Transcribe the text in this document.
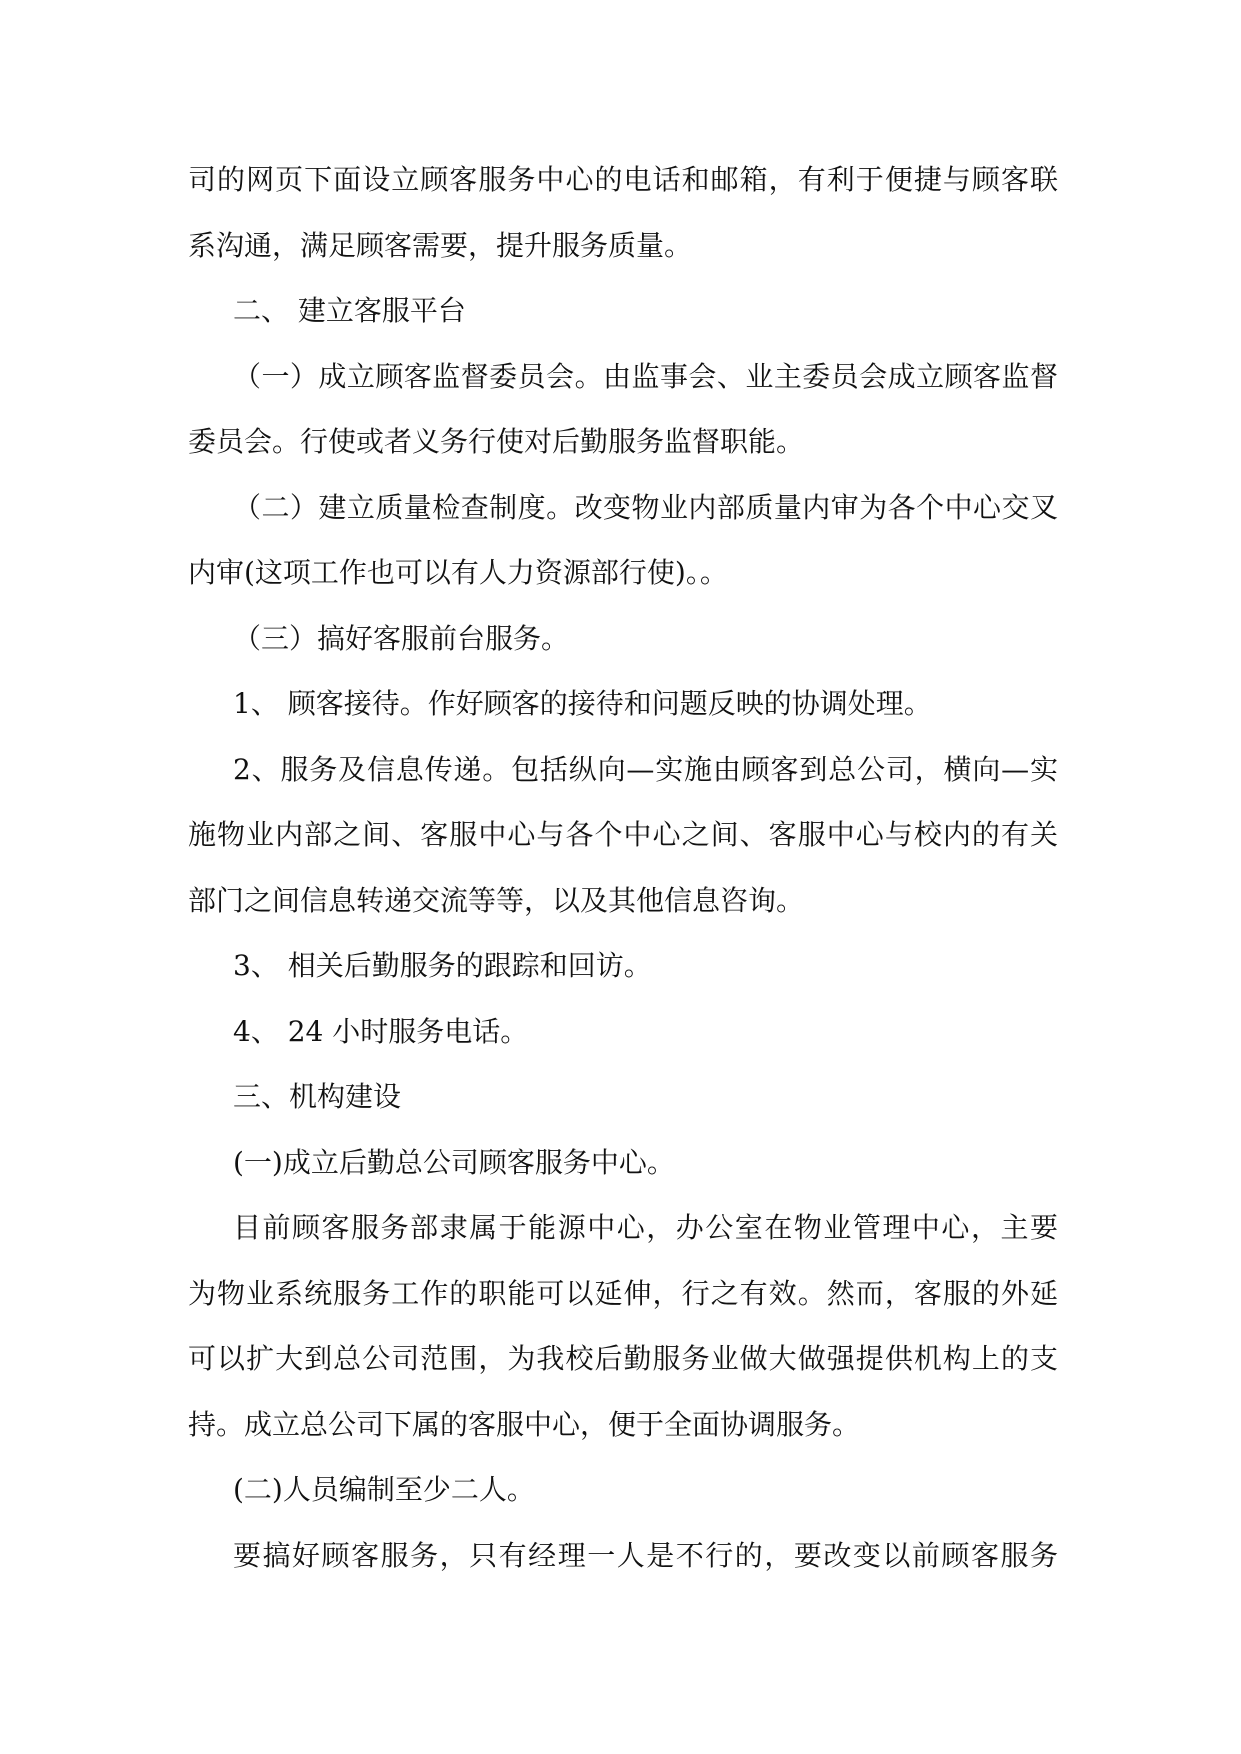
司的网页下面设立顾客服务中心的电话和邮箱，有利于便捷与顾客联
系沟通，满足顾客需要，提升服务质量。
二、 建立客服平台
（一）成立顾客监督委员会。由监事会、业主委员会成立顾客监督
委员会。行使或者义务行使对后勤服务监督职能。
（二）建立质量检查制度。改变物业内部质量内审为各个中心交叉
内审(这项工作也可以有人力资源部行使)。。
（三）搞好客服前台服务。
1、 顾客接待。作好顾客的接待和问题反映的协调处理。
2、服务及信息传递。包括纵向—实施由顾客到总公司，横向—实
施物业内部之间、客服中心与各个中心之间、客服中心与校内的有关
部门之间信息转递交流等等，以及其他信息咨询。
3、 相关后勤服务的跟踪和回访。
4、 24 小时服务电话。
三、机构建设
(一)成立后勤总公司顾客服务中心。
目前顾客服务部隶属于能源中心，办公室在物业管理中心，主要
为物业系统服务工作的职能可以延伸，行之有效。然而，客服的外延
可以扩大到总公司范围，为我校后勤服务业做大做强提供机构上的支
持。成立总公司下属的客服中心，便于全面协调服务。
(二)人员编制至少二人。
要搞好顾客服务，只有经理一人是不行的，要改变以前顾客服务
